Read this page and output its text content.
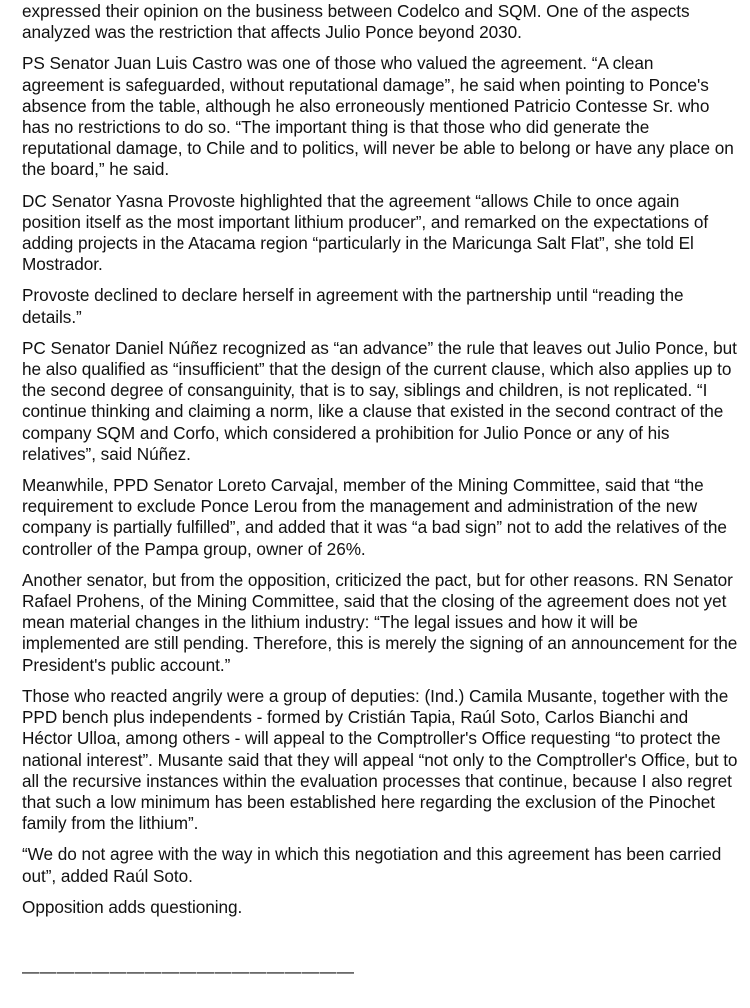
expressed their opinion on the business between Codelco and SQM. One of the aspects analyzed was the restriction that affects Julio Ponce beyond 2030.

PS Senator Juan Luis Castro was one of those who valued the agreement. “A clean agreement is safeguarded, without reputational damage”, he said when pointing to Ponce's absence from the table, although he also erroneously mentioned Patricio Contesse Sr. who has no restrictions to do so. “The important thing is that those who did generate the reputational damage, to Chile and to politics, will never be able to belong or have any place on the board,” he said.

DC Senator Yasna Provoste highlighted that the agreement “allows Chile to once again position itself as the most important lithium producer”, and remarked on the expectations of adding projects in the Atacama region “particularly in the Maricunga Salt Flat”, she told El Mostrador.

Provoste declined to declare herself in agreement with the partnership until “reading the details.”

PC Senator Daniel Núñez recognized as “an advance” the rule that leaves out Julio Ponce, but he also qualified as “insufficient” that the design of the current clause, which also applies up to the second degree of consanguinity, that is to say, siblings and children, is not replicated. “I continue thinking and claiming a norm, like a clause that existed in the second contract of the company SQM and Corfo, which considered a prohibition for Julio Ponce or any of his relatives”, said Núñez.

Meanwhile, PPD Senator Loreto Carvajal, member of the Mining Committee, said that “the requirement to exclude Ponce Lerou from the management and administration of the new company is partially fulfilled”, and added that it was “a bad sign” not to add the relatives of the controller of the Pampa group, owner of 26%.

Another senator, but from the opposition, criticized the pact, but for other reasons. RN Senator Rafael Prohens, of the Mining Committee, said that the closing of the agreement does not yet mean material changes in the lithium industry: “The legal issues and how it will be implemented are still pending. Therefore, this is merely the signing of an announcement for the President's public account.”

Those who reacted angrily were a group of deputies: (Ind.) Camila Musante, together with the PPD bench plus independents - formed by Cristián Tapia, Raúl Soto, Carlos Bianchi and Héctor Ulloa, among others - will appeal to the Comptroller's Office requesting “to protect the national interest”. Musante said that they will appeal “not only to the Comptroller's Office, but to all the recursive instances within the evaluation processes that continue, because I also regret that such a low minimum has been established here regarding the exclusion of the Pinochet family from the lithium”.

“We do not agree with the way in which this negotiation and this agreement has been carried out”, added Raúl Soto.

Opposition adds questioning.

———————————————————
